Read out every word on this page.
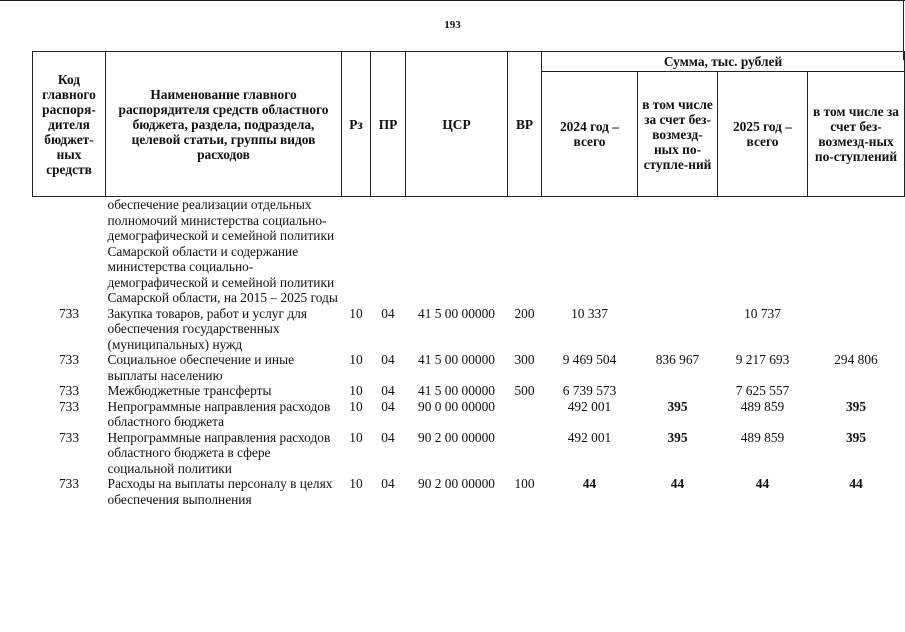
193
Код главного распоря-дителя бюджет-ных средств	Наименование главного распорядителя средств областного бюджета, раздела, подраздела, целевой статьи, группы видов расходов	Рз	ПР	ЦСР	ВР	Сумма, тыс. рублей			
						2024 год – всего	в том числе за счет без-возмезд-ных по-ступле-ний	2025 год – всего	в том числе за счет без-возмезд-ных по-ступлений
	обеспечение реализации отдельных полномочий министерства социально-демографической и семейной политики Самарской области и содержание министерства социально-демографической и семейной политики Самарской области, на 2015 – 2025 годы								
733	Закупка товаров, работ и услуг для обеспечения государственных (муниципальных) нужд	10	04	41 5 00 00000	200	10 337		10 737	
733	Социальное обеспечение и иные выплаты населению	10	04	41 5 00 00000	300	9 469 504	836 967	9 217 693	294 806
733	Межбюджетные трансферты	10	04	41 5 00 00000	500	6 739 573		7 625 557	
733	Непрограммные направления расходов областного бюджета	10	04	90 0 00 00000		492 001	395	489 859	395
733	Непрограммные направления расходов областного бюджета в сфере социальной политики	10	04	90 2 00 00000		492 001	395	489 859	395
733	Расходы на выплаты персоналу в целях обеспечения выполнения	10	04	90 2 00 00000	100	44	44	44	44
